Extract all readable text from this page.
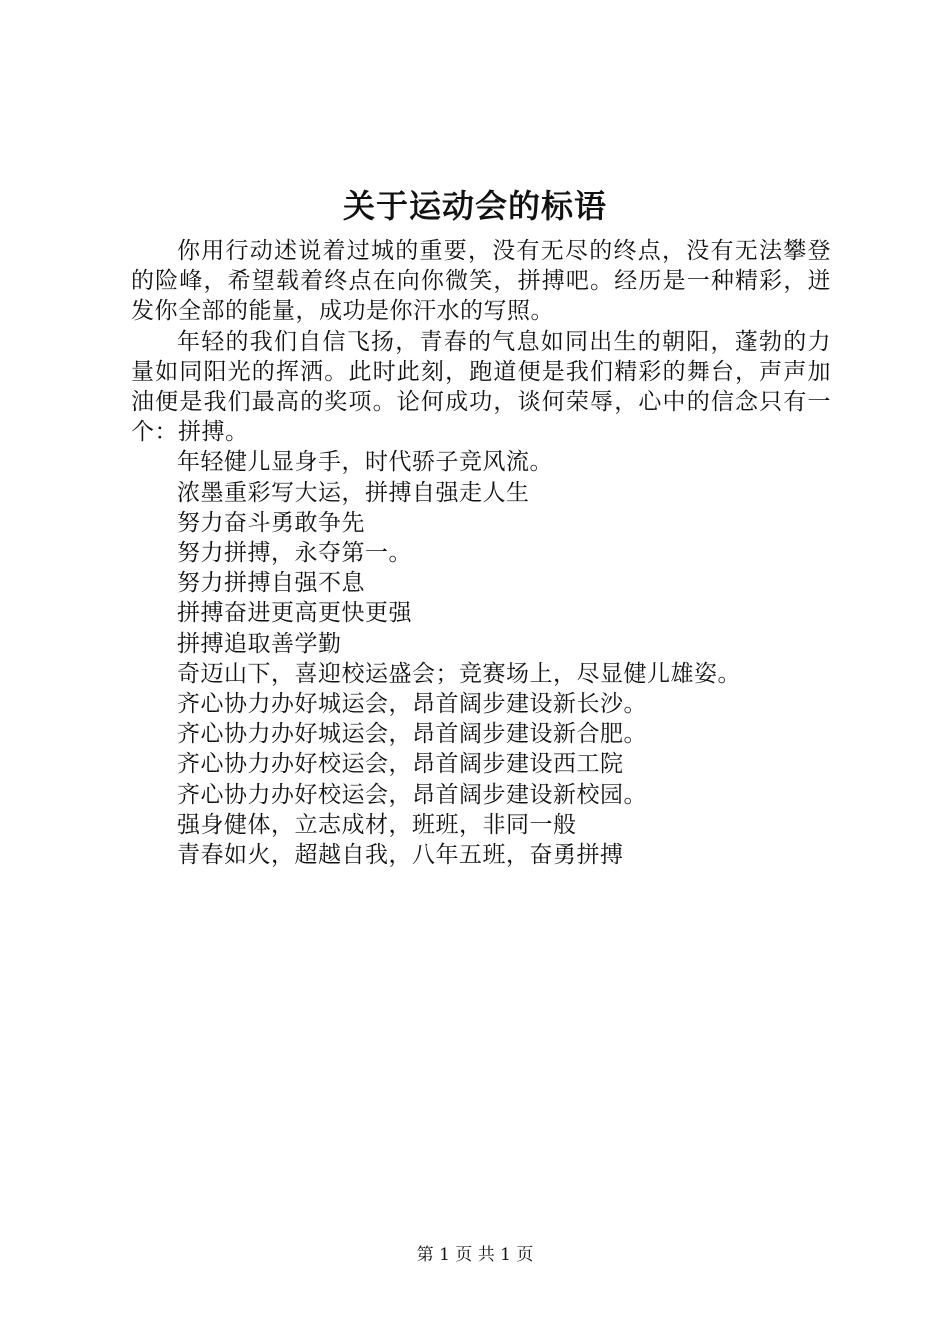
关于运动会的标语

你用行动述说着过城的重要，没有无尽的终点，没有无法攀登的险峰，希望载着终点在向你微笑，拼搏吧。经历是一种精彩，迸发你全部的能量，成功是你汗水的写照。

年轻的我们自信飞扬，青春的气息如同出生的朝阳，蓬勃的力量如同阳光的挥洒。此时此刻，跑道便是我们精彩的舞台，声声加油便是我们最高的奖项。论何成功，谈何荣辱，心中的信念只有一个：拼搏。

年轻健儿显身手，时代骄子竞风流。

浓墨重彩写大运，拼搏自强走人生

努力奋斗勇敢争先

努力拼搏，永夺第一。

努力拼搏自强不息

拼搏奋进更高更快更强

拼搏追取善学勤

奇迈山下，喜迎校运盛会；竞赛场上，尽显健儿雄姿。

齐心协力办好城运会，昂首阔步建设新长沙。

齐心协力办好城运会，昂首阔步建设新合肥。

齐心协力办好校运会，昂首阔步建设西工院

齐心协力办好校运会，昂首阔步建设新校园。

强身健体，立志成材，班班，非同一般

青春如火，超越自我，八年五班，奋勇拼搏

第 1 页 共 1 页
